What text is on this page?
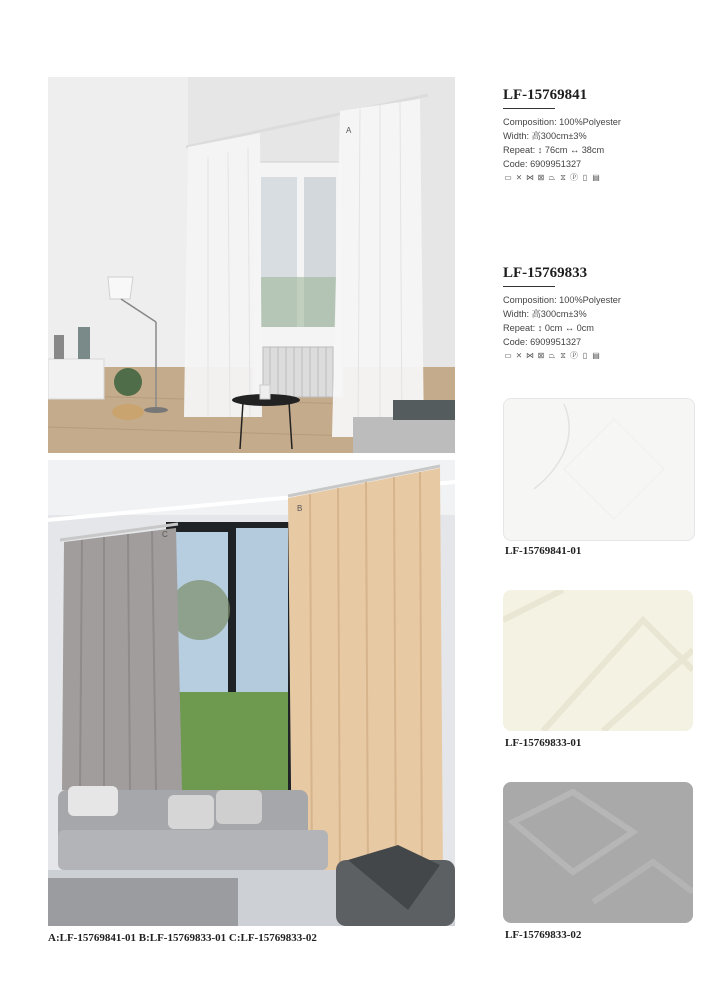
A
B
C
LF-15769841
Composition: 100%Polyester
Width: 高300cm±3%
Repeat: ↕ 76cm ↔ 38cm
Code: 6909951327
▭ ⨯ ⋈ ⊠ ⏢ ⧖ Ⓟ ▯ ▤
LF-15769833
Composition: 100%Polyester
Width: 高300cm±3%
Repeat: ↕ 0cm ↔ 0cm
Code: 6909951327
▭ ⨯ ⋈ ⊠ ⏢ ⧖ Ⓟ ▯ ▤
LF-15769841-01
LF-15769833-01
LF-15769833-02
A:LF-15769841-01 B:LF-15769833-01 C:LF-15769833-02
